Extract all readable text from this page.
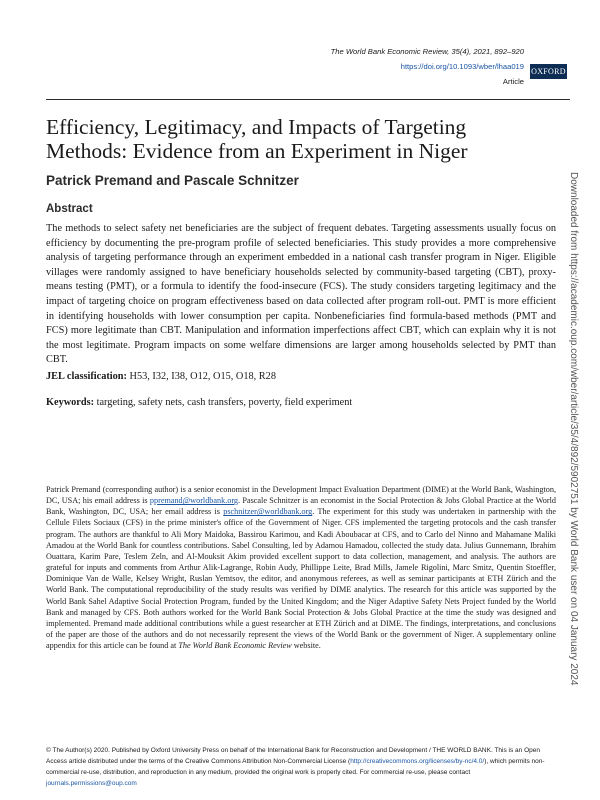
The World Bank Economic Review, 35(4), 2021, 892–920
https://doi.org/10.1093/wber/lhaa019
Article
OXFORD
Efficiency, Legitimacy, and Impacts of Targeting Methods: Evidence from an Experiment in Niger
Patrick Premand and Pascale Schnitzer
Abstract

The methods to select safety net beneficiaries are the subject of frequent debates. Targeting assessments usually focus on efficiency by documenting the pre-program profile of selected beneficiaries. This study provides a more comprehensive analysis of targeting performance through an experiment embedded in a national cash transfer program in Niger. Eligible villages were randomly assigned to have beneficiary households selected by community-based targeting (CBT), proxy-means testing (PMT), or a formula to identify the food-insecure (FCS). The study considers targeting legitimacy and the impact of targeting choice on program effectiveness based on data collected after program roll-out. PMT is more efficient in identifying households with lower consumption per capita. Nonbeneficiaries find formula-based methods (PMT and FCS) more legitimate than CBT. Manipulation and information imperfections affect CBT, which can explain why it is not the most legitimate. Program impacts on some welfare dimensions are larger among households selected by PMT than CBT.

JEL classification: H53, I32, I38, O12, O15, O18, R28
Keywords: targeting, safety nets, cash transfers, poverty, field experiment

Patrick Premand (corresponding author) is a senior economist in the Development Impact Evaluation Department (DIME) at the World Bank, Washington, DC, USA; his email address is ppremand@worldbank.org. Pascale Schnitzer is an economist in the Social Protection & Jobs Global Practice at the World Bank, Washington, DC, USA; her email address is pschnitzer@worldbank.org. The experiment for this study was undertaken in partnership with the Cellule Filets Sociaux (CFS) in the prime minister's office of the Government of Niger. CFS implemented the targeting protocols and the cash transfer program. The authors are thankful to Ali Mory Maidoka, Bassirou Karimou, and Kadi Aboubacar at CFS, and to Carlo del Ninno and Mahamane Maliki Amadou at the World Bank for countless contributions. Sabel Consulting, led by Adamou Hamadou, collected the study data. Julius Gunnemann, Ibrahim Ouattara, Karim Pare, Teslem Zeln, and Al-Mouksit Akim provided excellent support to data collection, management, and analysis. The authors are grateful for inputs and comments from Arthur Alik-Lagrange, Robin Audy, Phillippe Leite, Brad Mills, Jamele Rigolini, Marc Smitz, Quentin Stoeffler, Dominique Van de Walle, Kelsey Wright, Ruslan Yemtsov, the editor, and anonymous referees, as well as seminar participants at ETH Zürich and the World Bank. The computational reproducibility of the study results was verified by DIME analytics. The research for this article was supported by the World Bank Sahel Adaptive Social Protection Program, funded by the United Kingdom; and the Niger Adaptive Safety Nets Project funded by the World Bank and managed by CFS. Both authors worked for the World Bank Social Protection & Jobs Global Practice at the time the study was designed and implemented. Premand made additional contributions while a guest researcher at ETH Zürich and at DIME. The findings, interpretations, and conclusions of the paper are those of the authors and do not necessarily represent the views of the World Bank or the government of Niger. A supplementary online appendix for this article can be found at The World Bank Economic Review website.

© The Author(s) 2020. Published by Oxford University Press on behalf of the International Bank for Reconstruction and Development / THE WORLD BANK. This is an Open Access article distributed under the terms of the Creative Commons Attribution Non-Commercial License (http://creativecommons.org/licenses/by-nc/4.0/), which permits non-commercial re-use, distribution, and reproduction in any medium, provided the original work is properly cited. For commercial re-use, please contact journals.permissions@oup.com

Downloaded from https://academic.oup.com/wber/article/35/4/892/5902751 by World Bank user on 04 January 2024
